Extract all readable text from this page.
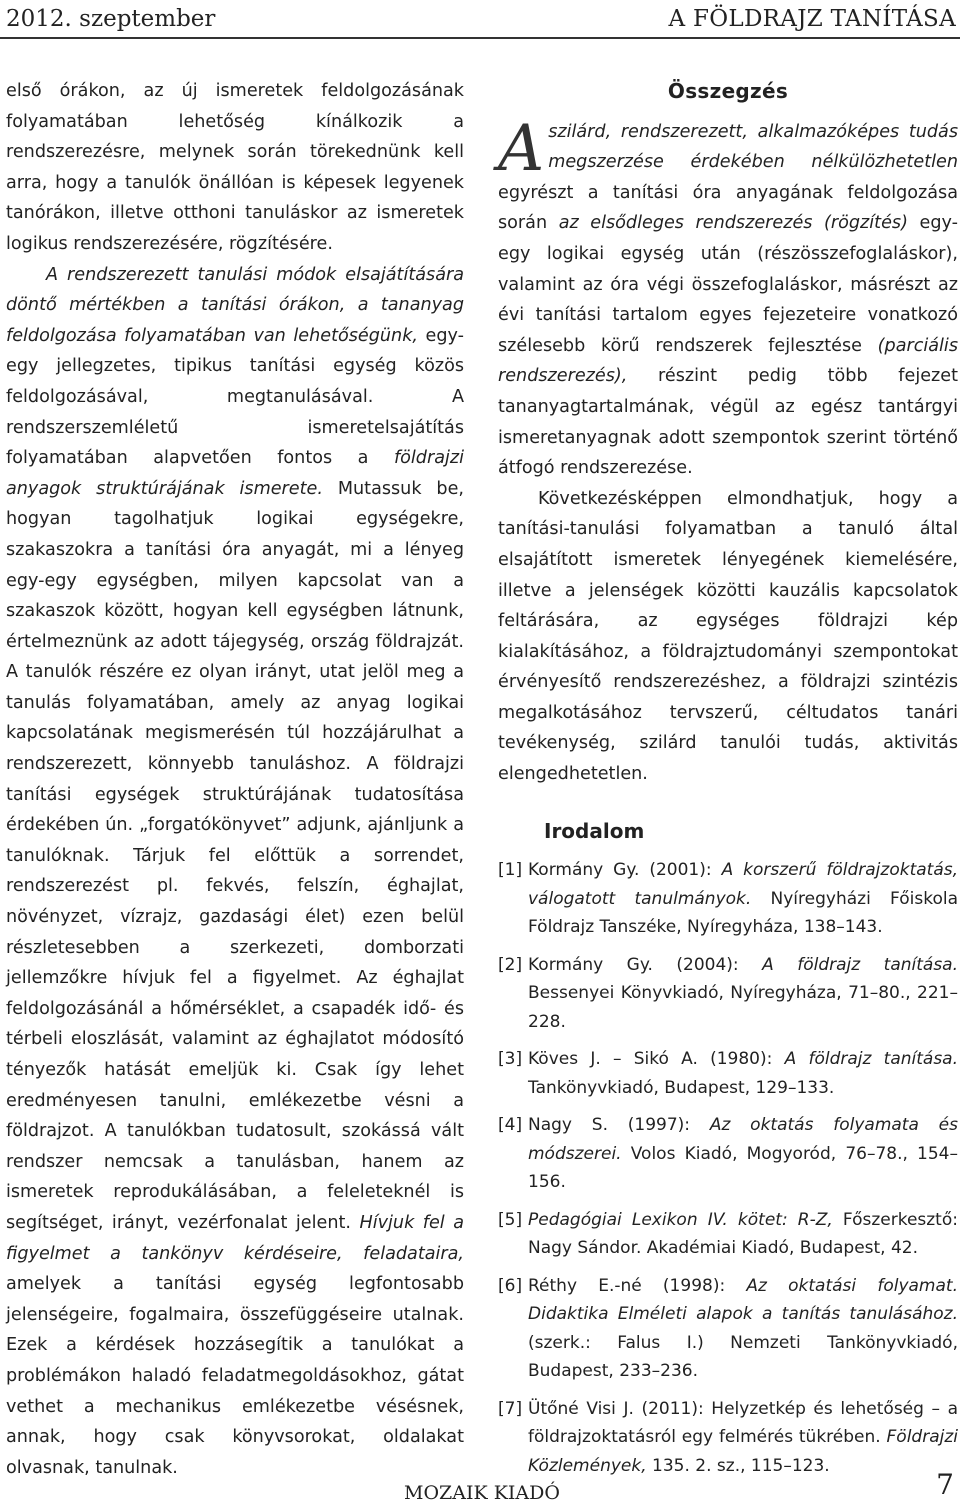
2012. szeptember	A FÖLDRAJZ TANÍTÁSA

első órákon, az új ismeretek feldolgozásának folyamatában lehetőség kínálkozik a rendszerezésre, melynek során törekednünk kell arra, hogy a tanulók önállóan is képesek legyenek tanórákon, illetve otthoni tanuláskor az ismeretek logikus rendszerezésére, rögzítésére.

A rendszerezett tanulási módok elsajátítására döntő mértékben a tanítási órákon, a tananyag feldolgozása folyamatában van lehetőségünk, egy-egy jellegzetes, tipikus tanítási egység közös feldolgozásával, megtanulásával. A rendszerszemléletű ismeretelsajátítás folyamatában alapvetően fontos a földrajzi anyagok struktúrájának ismerete. Mutassuk be, hogyan tagolhatjuk logikai egységekre, szakaszokra a tanítási óra anyagát, mi a lényeg egy-egy egységben, milyen kapcsolat van a szakaszok között, hogyan kell egységben látnunk, értelmeznünk az adott tájegység, ország földrajzát. A tanulók részére ez olyan irányt, utat jelöl meg a tanulás folyamatában, amely az anyag logikai kapcsolatának megismerésén túl hozzájárulhat a rendszerezett, könnyebb tanuláshoz. A földrajzi tanítási egységek struktúrájának tudatosítása érdekében ún. „forgatókönyvet” adjunk, ajánljunk a tanulóknak. Tárjuk fel előttük a sorrendet, rendszerezést pl. fekvés, felszín, éghajlat, növényzet, vízrajz, gazdasági élet) ezen belül részletesebben a szerkezeti, domborzati jellemzőkre hívjuk fel a figyelmet. Az éghajlat feldolgozásánál a hőmérséklet, a csapadék idő- és térbeli eloszlását, valamint az éghajlatot módosító tényezők hatását emeljük ki. Csak így lehet eredményesen tanulni, emlékezetbe vésni a földrajzot. A tanulókban tudatosult, szokássá vált rendszer nemcsak a tanulásban, hanem az ismeretek reprodukálásában, a feleleteknél is segítséget, irányt, vezérfonalat jelent. Hívjuk fel a figyelmet a tankönyv kérdéseire, feladataira, amelyek a tanítási egység legfontosabb jelenségeire, fogalmaira, összefüggéseire utalnak. Ezek a kérdések hozzásegítik a tanulókat a problémákon haladó feladatmegoldásokhoz, gátat vethet a mechanikus emlékezetbe vésésnek, annak, hogy csak könyvsorokat, oldalakat olvasnak, tanulnak.

Összegzés

Aszilárd, rendszerezett, alkalmazóképes tudás megszerzése érdekében nélkülözhetetlen egyrészt a tanítási óra anyagának feldolgozása során az elsődleges rendszerezés (rögzítés) egy-egy logikai egység után (részösszefoglaláskor), valamint az óra végi összefoglaláskor, másrészt az évi tanítási tartalom egyes fejezeteire vonatkozó szélesebb körű rendszerek fejlesztése (parciális rendszerezés), részint pedig több fejezet tananyagtartalmának, végül az egész tantárgyi ismeretanyagnak adott szempontok szerint történő átfogó rendszerezése.

Következésképpen elmondhatjuk, hogy a tanítási-tanulási folyamatban a tanuló által elsajátított ismeretek lényegének kiemelésére, illetve a jelenségek közötti kauzális kapcsolatok feltárására, az egységes földrajzi kép kialakításához, a földrajztudományi szempontokat érvényesítő rendszerezéshez, a földrajzi szintézis megalkotásához tervszerű, céltudatos tanári tevékenység, szilárd tanulói tudás, aktivitás elengedhetetlen.

Irodalom
[1] Kormány Gy. (2001): A korszerű földrajzoktatás, válogatott tanulmányok. Nyíregyházi Főiskola Földrajz Tanszéke, Nyíregyháza, 138–143.
[2] Kormány Gy. (2004): A földrajz tanítása. Bessenyei Könyvkiadó, Nyíregyháza, 71–80., 221–228.
[3] Köves J. – Sikó A. (1980): A földrajz tanítása. Tankönyvkiadó, Budapest, 129–133.
[4] Nagy S. (1997): Az oktatás folyamata és módszerei. Volos Kiadó, Mogyoród, 76–78., 154–156.
[5] Pedagógiai Lexikon IV. kötet: R-Z, Főszerkesztő: Nagy Sándor. Akadémiai Kiadó, Budapest, 42.
[6] Réthy E.-né (1998): Az oktatási folyamat. Didaktika Elméleti alapok a tanítás tanulásához. (szerk.: Falus I.) Nemzeti Tankönyvkiadó, Budapest, 233–236.
[7] Ütőné Visi J. (2011): Helyzetkép és lehetőség – a földrajzoktatásról egy felmérés tükrében. Földrajzi Közlemények, 135. 2. sz., 115–123.
MOZAIK KIADÓ	7
